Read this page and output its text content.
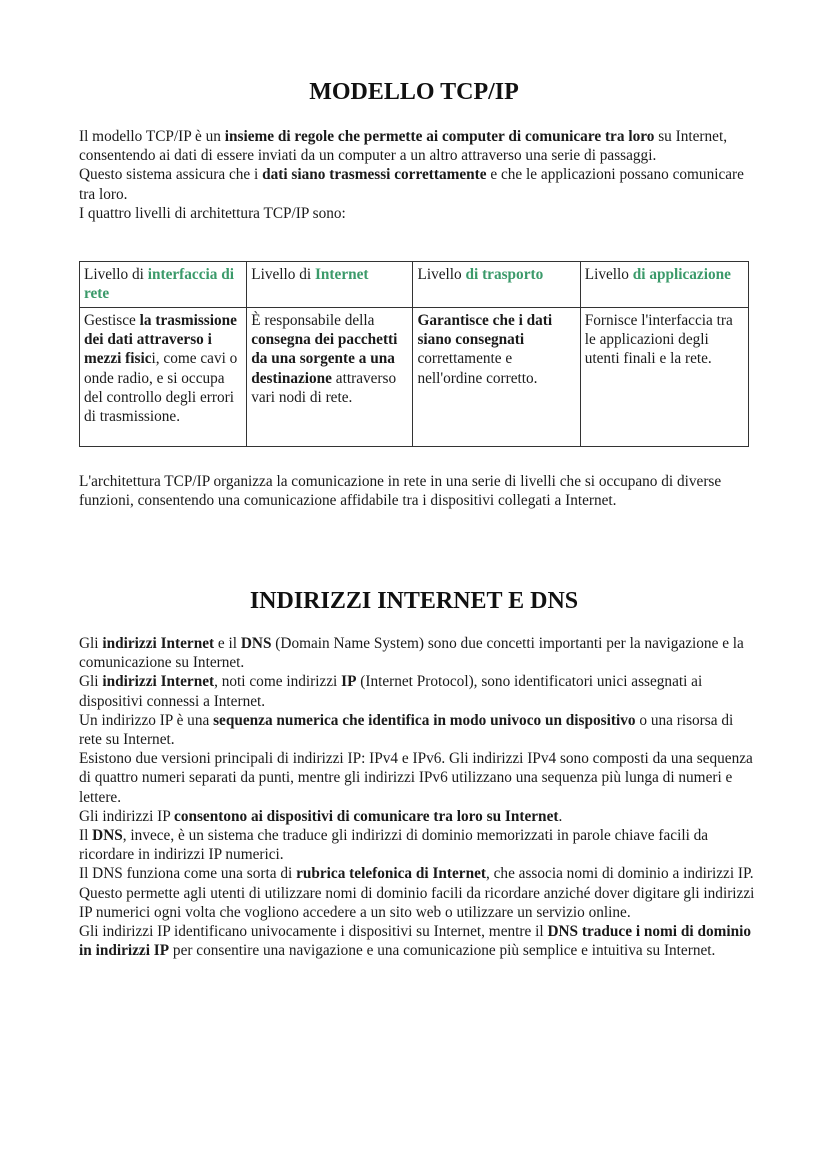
MODELLO TCP/IP
Il modello TCP/IP è un insieme di regole che permette ai computer di comunicare tra loro su Internet, consentendo ai dati di essere inviati da un computer a un altro attraverso una serie di passaggi.
Questo sistema assicura che i dati siano trasmessi correttamente e che le applicazioni possano comunicare tra loro.
I quattro livelli di architettura TCP/IP sono:
Livello di interfaccia di rete	Livello di Internet	Livello di trasporto	Livello di applicazione
Gestisce la trasmissione dei dati attraverso i mezzi fisici, come cavi o onde radio, e si occupa del controllo degli errori di trasmissione.	È responsabile della consegna dei pacchetti da una sorgente a una destinazione attraverso vari nodi di rete.	Garantisce che i dati siano consegnati correttamente e nell'ordine corretto.	Fornisce l'interfaccia tra le applicazioni degli utenti finali e la rete.
L'architettura TCP/IP organizza la comunicazione in rete in una serie di livelli che si occupano di diverse funzioni, consentendo una comunicazione affidabile tra i dispositivi collegati a Internet.
INDIRIZZI INTERNET E DNS
Gli indirizzi Internet e il DNS (Domain Name System) sono due concetti importanti per la navigazione e la comunicazione su Internet.
Gli indirizzi Internet, noti come indirizzi IP (Internet Protocol), sono identificatori unici assegnati ai dispositivi connessi a Internet.
Un indirizzo IP è una sequenza numerica che identifica in modo univoco un dispositivo o una risorsa di rete su Internet.
Esistono due versioni principali di indirizzi IP: IPv4 e IPv6. Gli indirizzi IPv4 sono composti da una sequenza di quattro numeri separati da punti, mentre gli indirizzi IPv6 utilizzano una sequenza più lunga di numeri e lettere.
Gli indirizzi IP consentono ai dispositivi di comunicare tra loro su Internet.
Il DNS, invece, è un sistema che traduce gli indirizzi di dominio memorizzati in parole chiave facili da ricordare in indirizzi IP numerici.
Il DNS funziona come una sorta di rubrica telefonica di Internet, che associa nomi di dominio a indirizzi IP.
Questo permette agli utenti di utilizzare nomi di dominio facili da ricordare anziché dover digitare gli indirizzi IP numerici ogni volta che vogliono accedere a un sito web o utilizzare un servizio online.
Gli indirizzi IP identificano univocamente i dispositivi su Internet, mentre il DNS traduce i nomi di dominio in indirizzi IP per consentire una navigazione e una comunicazione più semplice e intuitiva su Internet.
